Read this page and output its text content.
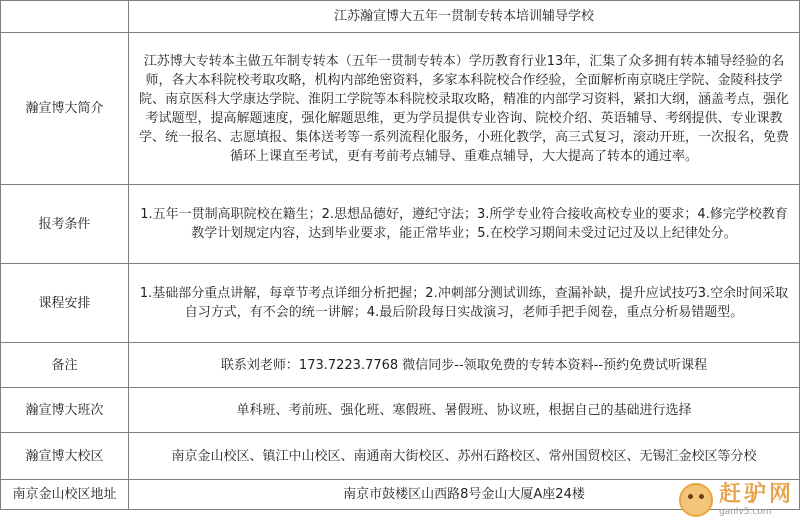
	江苏瀚宣博大五年一贯制专转本培训辅导学校
瀚宣博大简介	江苏博大专转本主做五年制专转本（五年一贯制专转本）学历教育行业13年，汇集了众多拥有转本辅导经验的名师，各大本科院校考取攻略，机构内部绝密资料，多家本科院校合作经验，全面解析南京晓庄学院、金陵科技学院、南京医科大学康达学院、淮阴工学院等本科院校录取攻略，精准的内部学习资料，紧扣大纲，涵盖考点，强化考试题型，提高解题速度，强化解题思维，更为学员提供专业咨询、院校介绍、英语辅导、考纲提供、专业课教学、统一报名、志愿填报、集体送考等一系列流程化服务，小班化教学，高三式复习，滚动开班，一次报名，免费循环上课直至考试，更有考前考点辅导、重难点辅导，大大提高了转本的通过率。
报考条件	1.五年一贯制高职院校在籍生；2.思想品德好，遵纪守法；3.所学专业符合接收高校专业的要求；4.修完学校教育教学计划规定内容，达到毕业要求，能正常毕业；5.在校学习期间未受过记过及以上纪律处分。
课程安排	1.基础部分重点讲解，每章节考点详细分析把握；2.冲刺部分测试训练，查漏补缺，提升应试技巧3.空余时间采取自习方式，有不会的统一讲解；4.最后阶段每日实战演习，老师手把手阅卷，重点分析易错题型。
备注	联系刘老师：173.7223.7768 微信同步--领取免费的专转本资料--预约免费试听课程
瀚宣博大班次	单科班、考前班、强化班、寒假班、暑假班、协议班，根据自己的基础进行选择
瀚宣博大校区	南京金山校区、镇江中山校区、南通南大街校区、苏州石路校区、常州国贸校区、无锡汇金校区等分校
南京金山校区地址	南京市鼓楼区山西路8号金山大厦A座24楼	赶驴网
ganlv5.com
